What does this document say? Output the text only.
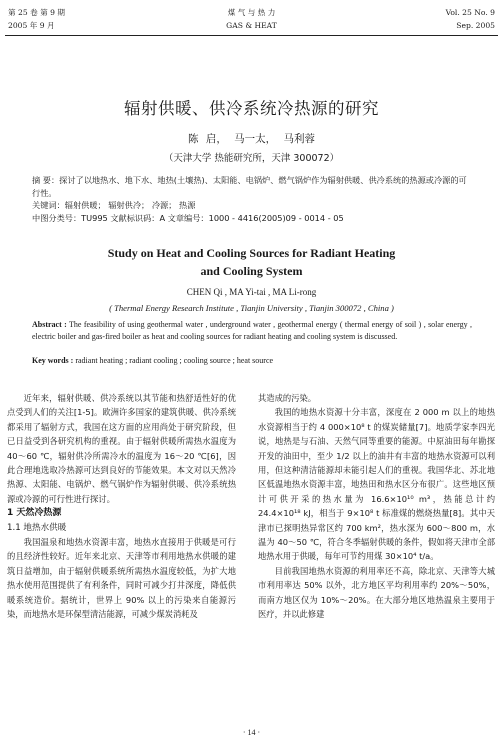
第 25 卷 第 9 期
2005 年 9 月
煤 气 与 热 力
GAS & HEAT
Vol. 25 No. 9
Sep. 2005
辐射供暖、供冷系统冷热源的研究
陈 启， 马一太， 马利蓉
（天津大学 热能研究所，天津 300072）
摘 要：探讨了以地热水、地下水、地热(土壤热)、太阳能、电锅炉、燃气锅炉作为辐射供暖、供冷系统的热源或冷源的可行性。
关键词：辐射供暖； 辐射供冷； 冷源； 热源
中图分类号：TU995 文献标识码：A 文章编号：1000 - 4416(2005)09 - 0014 - 05
Study on Heat and Cooling Sources for Radiant Heating
and Cooling System
CHEN Qi , MA Yi-tai , MA Li-rong
( Thermal Energy Research Institute , Tianjin University , Tianjin 300072 , China )
Abstract : The feasibility of using geothermal water , underground water , geothermal energy ( thermal energy of soil ) , solar energy , electric boiler and gas-fired boiler as heat and cooling sources for radiant heating and cooling system is discussed.
Key words : radiant heating ; radiant cooling ; cooling source ; heat source

近年来，辐射供暖、供冷系统以其节能和热舒适性好的优点受到人们的关注[1-5]。欧洲许多国家的建筑供暖、供冷系统都采用了辐射方式，我国在这方面的应用尚处于研究阶段，但已日益受到各研究机构的重视。由于辐射供暖所需热水温度为 40～60 ℃，辐射供冷所需冷水的温度为 16～20 ℃[6]，因此合理地选取冷热源可达到良好的节能效果。本文对以天然冷热源、太阳能、电锅炉、燃气锅炉作为辐射供暖、供冷系统热源或冷源的可行性进行探讨。

1 天然冷热源
1.1 地热水供暖

我国温泉和地热水资源丰富，地热水直接用于供暖是可行的且经济性较好。近年来北京、天津等市利用地热水供暖的建筑日益增加，由于辐射供暖系统所需热水温度较低，为扩大地热水使用范围提供了有利条件，同时可减少打井深度，降低供暖系统造价。据统计，世界上 90% 以上的污染来自能源污染，而地热水是环保型清洁能源，可减少煤炭消耗及

其造成的污染。

我国的地热水资源十分丰富，深度在 2 000 m 以上的地热水资源相当于约 4 000×10⁸ t 的煤炭储量[7]。地质学家李四光说，地热是与石油、天然气同等重要的能源。中原油田每年勘探开发的油田中，至少 1/2 以上的油井有丰富的地热水资源可以利用，但这种清洁能源却未能引起人们的重视。我国华北、苏北地区低温地热水资源丰富，地热田和热水区分布很广。这些地区预计可供开采的热水量为 16.6×10¹⁰ m³，热能总计约 24.4×10¹⁸ kJ，相当于 9×10⁸ t 标准煤的燃烧热量[8]。其中天津市已探明热异常区约 700 km²，热水深为 600～800 m，水温为 40～50 ℃，符合冬季辐射供暖的条件，假如将天津市全部地热水用于供暖，每年可节约用煤 30×10⁴ t/a。

目前我国地热水资源的利用率还不高，除北京、天津等大城市利用率达 50% 以外，北方地区平均利用率约 20%～50%，而南方地区仅为 10%～20%。在大部分地区地热温泉主要用于医疗，并以此修建

· 14 ·
